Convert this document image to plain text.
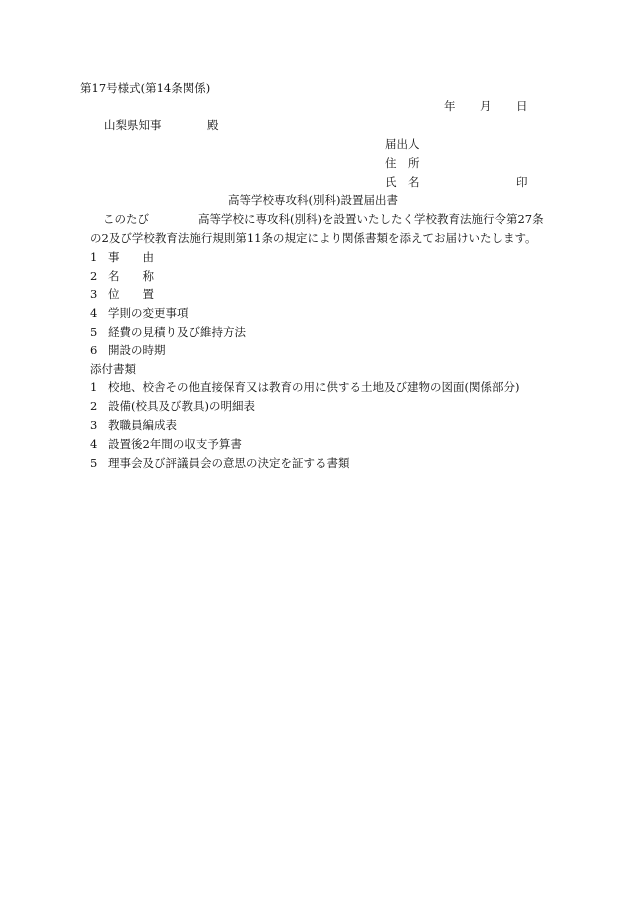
第17号様式(第14条関係)
年 月 日
山梨県知事	殿
届出人
住　所
氏　名	印
高等学校専攻科(別科)設置届出書
このたび	高等学校に専攻科(別科)を設置いたしたく学校教育法施行令第27条
の2及び学校教育法施行規則第11条の規定により関係書類を添えてお届けいたします。
1 事　　由
2 名　　称
3 位　　置
4 学則の変更事項
5 経費の見積り及び維持方法
6 開設の時期
添付書類
1 校地、校舎その他直接保育又は教育の用に供する土地及び建物の図面(関係部分)
2 設備(校具及び教具)の明細表
3 教職員編成表
4 設置後2年間の収支予算書
5 理事会及び評議員会の意思の決定を証する書類
